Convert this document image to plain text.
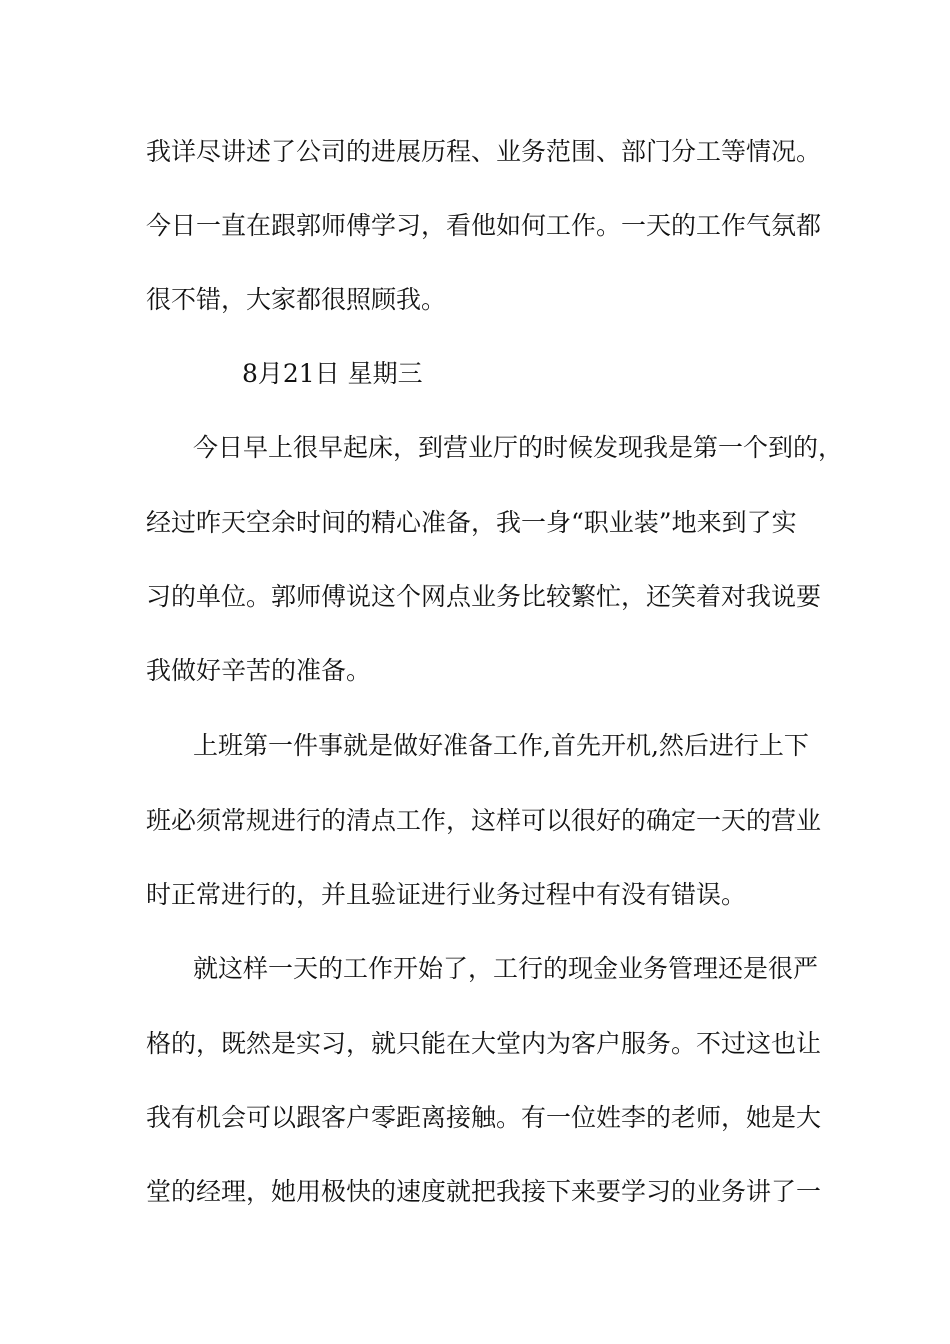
我详尽讲述了公司的进展历程、业务范围、部门分工等情况。
今日一直在跟郭师傅学习，看他如何工作。一天的工作气氛都
很不错，大家都很照顾我。
8月21日 星期三
今日早上很早起床，到营业厅的时候发现我是第一个到的，
经过昨天空余时间的精心准备，我一身“职业装”地来到了实
习的单位。郭师傅说这个网点业务比较繁忙，还笑着对我说要
我做好辛苦的准备。
上班第一件事就是做好准备工作,首先开机,然后进行上下
班必须常规进行的清点工作，这样可以很好的确定一天的营业
时正常进行的，并且验证进行业务过程中有没有错误。
就这样一天的工作开始了，工行的现金业务管理还是很严
格的，既然是实习，就只能在大堂内为客户服务。不过这也让
我有机会可以跟客户零距离接触。有一位姓李的老师，她是大
堂的经理，她用极快的速度就把我接下来要学习的业务讲了一
